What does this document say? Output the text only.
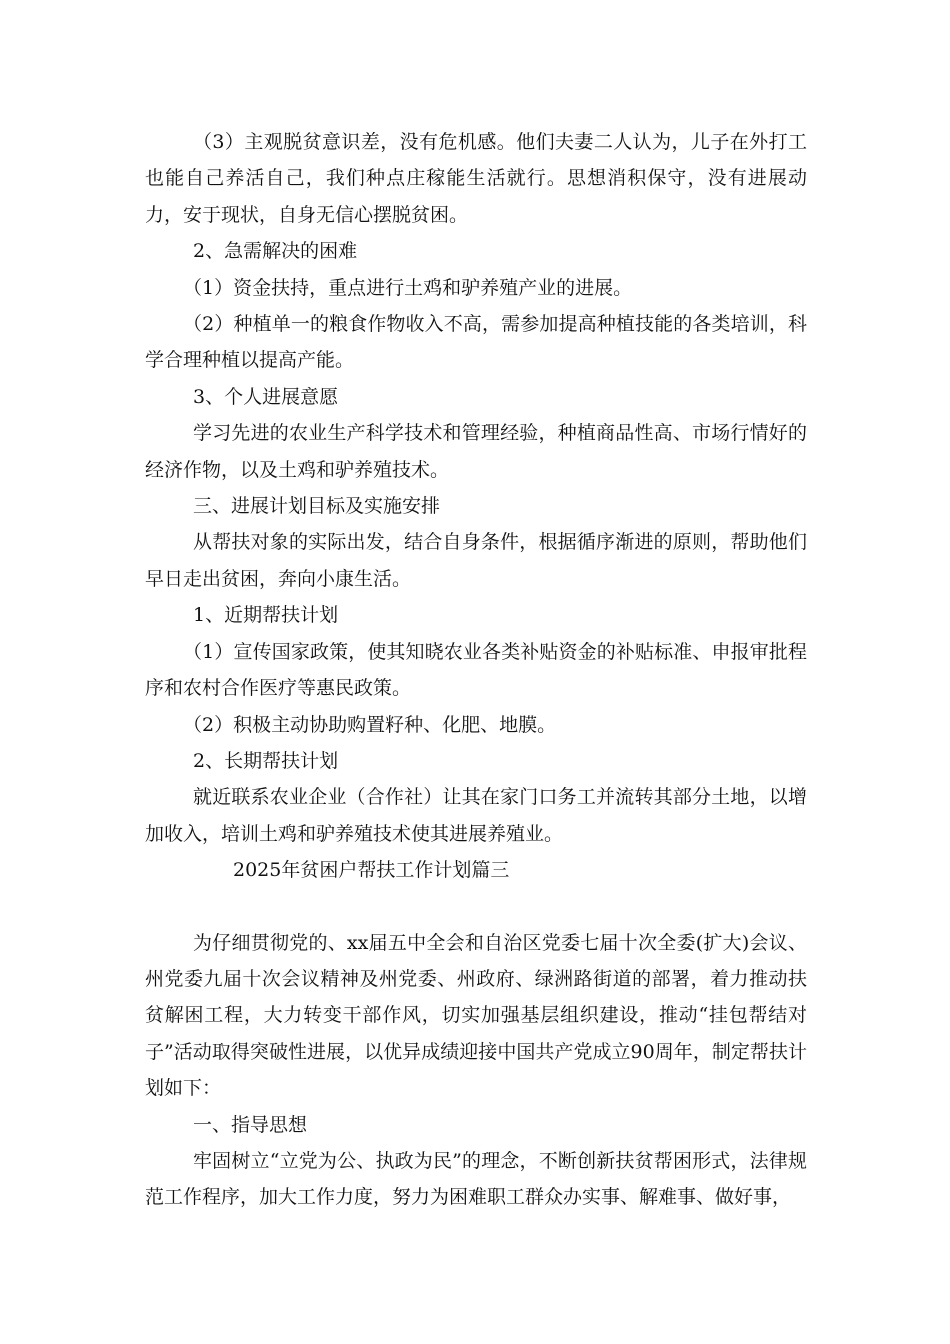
（3）主观脱贫意识差，没有危机感。他们夫妻二人认为，儿子在外打工也能自己养活自己，我们种点庄稼能生活就行。思想消积保守，没有进展动力，安于现状，自身无信心摆脱贫困。

2、急需解决的困难

（1）资金扶持，重点进行土鸡和驴养殖产业的进展。

（2）种植单一的粮食作物收入不高，需参加提高种植技能的各类培训，科学合理种植以提高产能。

3、个人进展意愿

学习先进的农业生产科学技术和管理经验，种植商品性高、市场行情好的经济作物，以及土鸡和驴养殖技术。

三、进展计划目标及实施安排

从帮扶对象的实际出发，结合自身条件，根据循序渐进的原则，帮助他们早日走出贫困，奔向小康生活。

1、近期帮扶计划

（1）宣传国家政策，使其知晓农业各类补贴资金的补贴标准、申报审批程序和农村合作医疗等惠民政策。

（2）积极主动协助购置籽种、化肥、地膜。

2、长期帮扶计划

就近联系农业企业（合作社）让其在家门口务工并流转其部分土地，以增加收入，培训土鸡和驴养殖技术使其进展养殖业。

2025年贫困户帮扶工作计划篇三

为仔细贯彻党的、xx届五中全会和自治区党委七届十次全委(扩大)会议、州党委九届十次会议精神及州党委、州政府、绿洲路街道的部署，着力推动扶贫解困工程，大力转变干部作风，切实加强基层组织建设，推动“挂包帮结对子”活动取得突破性进展，以优异成绩迎接中国共产党成立90周年，制定帮扶计划如下：

一、指导思想

牢固树立“立党为公、执政为民”的理念，不断创新扶贫帮困形式，法律规范工作程序，加大工作力度，努力为困难职工群众办实事、解难事、做好事，
